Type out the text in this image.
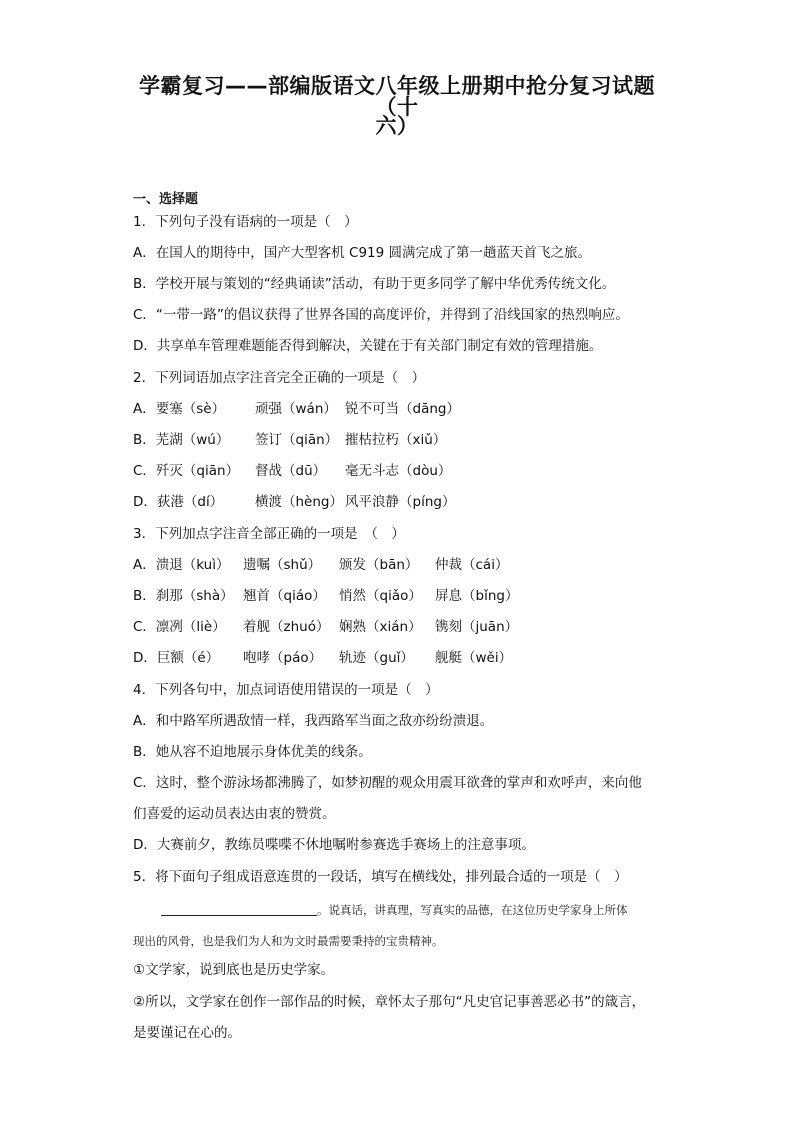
学霸复习——部编版语文八年级上册期中抢分复习试题（十
六）
一、选择题
1．下列句子没有语病的一项是（　）
A．在国人的期待中，国产大型客机 C919 圆满完成了第一趟蓝天首飞之旅。
B．学校开展与策划的“经典诵读”活动，有助于更多同学了解中华优秀传统文化。
C．“一带一路”的倡议获得了世界各国的高度评价，并得到了沿线国家的热烈响应。
D．共享单车管理难题能否得到解决，关键在于有关部门制定有效的管理措施。
2．下列词语加点字注音完全正确的一项是（　）
A．要塞（sè） 顽强（wán） 锐不可当（dāng）
B．芜湖（wú） 签订（qiān） 摧枯拉朽（xiǔ）
C．歼灭（qiān） 督战（dū） 毫无斗志（dòu）
D．荻港（dí） 横渡（hèng） 风平浪静（píng）
3．下列加点字注音全部正确的一项是　（　）
A．溃退（kuì） 遗嘱（shǔ） 颁发（bān） 仲裁（cái）
B．刹那（shà） 翘首（qiáo） 悄然（qiǎo） 屏息（bǐng）
C．凛冽（liè） 着舰（zhuó） 娴熟（xián） 镌刻（juān）
D．巨额（é） 咆哮（páo） 轨迹（guǐ） 舰艇（wěi）
4．下列各句中，加点词语使用错误的一项是（　）
A．和中路军所遇敌情一样，我西路军当面之敌亦纷纷溃退。
B．她从容不迫地展示身体优美的线条。
C．这时，整个游泳场都沸腾了，如梦初醒的观众用震耳欲聋的掌声和欢呼声，来向他
们喜爱的运动员表达由衷的赞赏。
D．大赛前夕，教练员喋喋不休地嘱咐参赛选手赛场上的注意事项。
5．将下面句子组成语意连贯的一段话，填写在横线处，排列最合适的一项是（　）
。说真话，讲真理，写真实的品德，在这位历史学家身上所体
现出的风骨，也是我们为人和为文时最需要秉持的宝贵精神。
①文学家，说到底也是历史学家。
②所以，文学家在创作一部作品的时候，章怀太子那句“凡史官记事善恶必书”的箴言，
是要谨记在心的。
